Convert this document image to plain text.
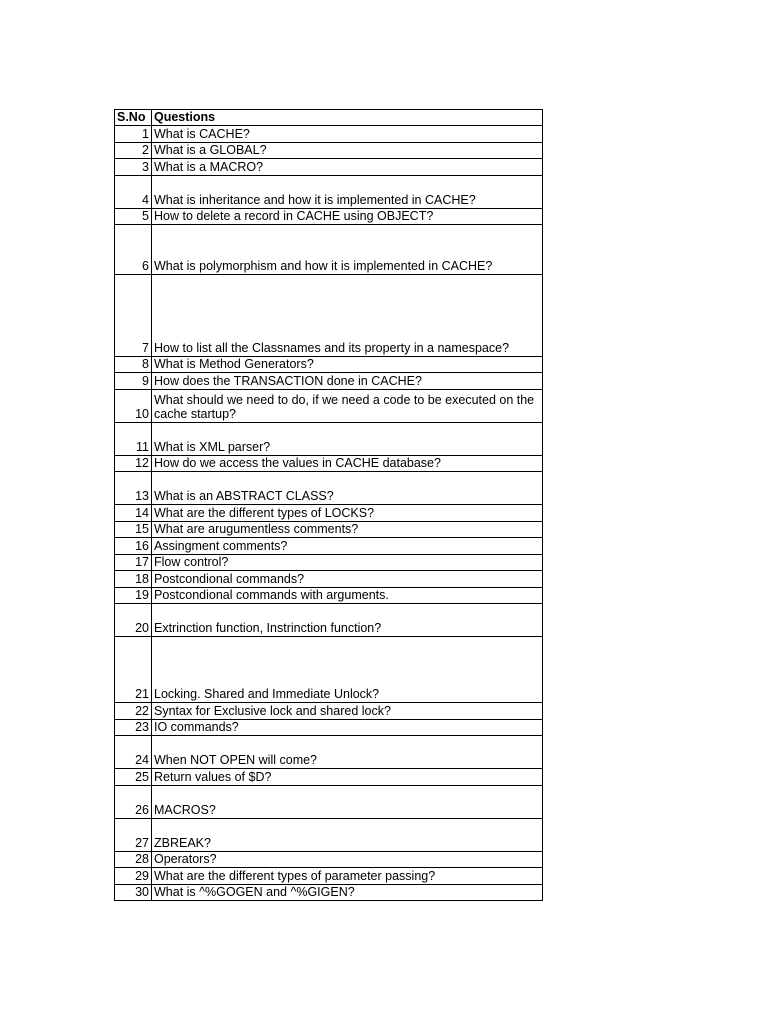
S.No	Questions
1	What is CACHE?
2	What is a GLOBAL?
3	What is a MACRO?
4	What is inheritance and how it is implemented in CACHE?
5	How to delete a record in CACHE using OBJECT?
6	What is polymorphism and how it is implemented in CACHE?
7	How to list all the Classnames and its property in a namespace?
8	What is Method Generators?
9	How does the TRANSACTION done in CACHE?
10	What should we need to do, if we need a code to be executed on the cache startup?
11	What is XML parser?
12	How do we access the values in CACHE database?
13	What is an ABSTRACT CLASS?
14	What are the different types of LOCKS?
15	What are arugumentless comments?
16	Assingment comments?
17	Flow control?
18	Postcondional commands?
19	Postcondional commands with arguments.
20	Extrinction function, Instrinction function?
21	Locking. Shared and Immediate Unlock?
22	Syntax for Exclusive lock and shared lock?
23	IO commands?
24	When NOT OPEN will come?
25	Return values of $D?
26	MACROS?
27	ZBREAK?
28	Operators?
29	What are the different types of parameter passing?
30	What is ^%GOGEN and ^%GIGEN?
